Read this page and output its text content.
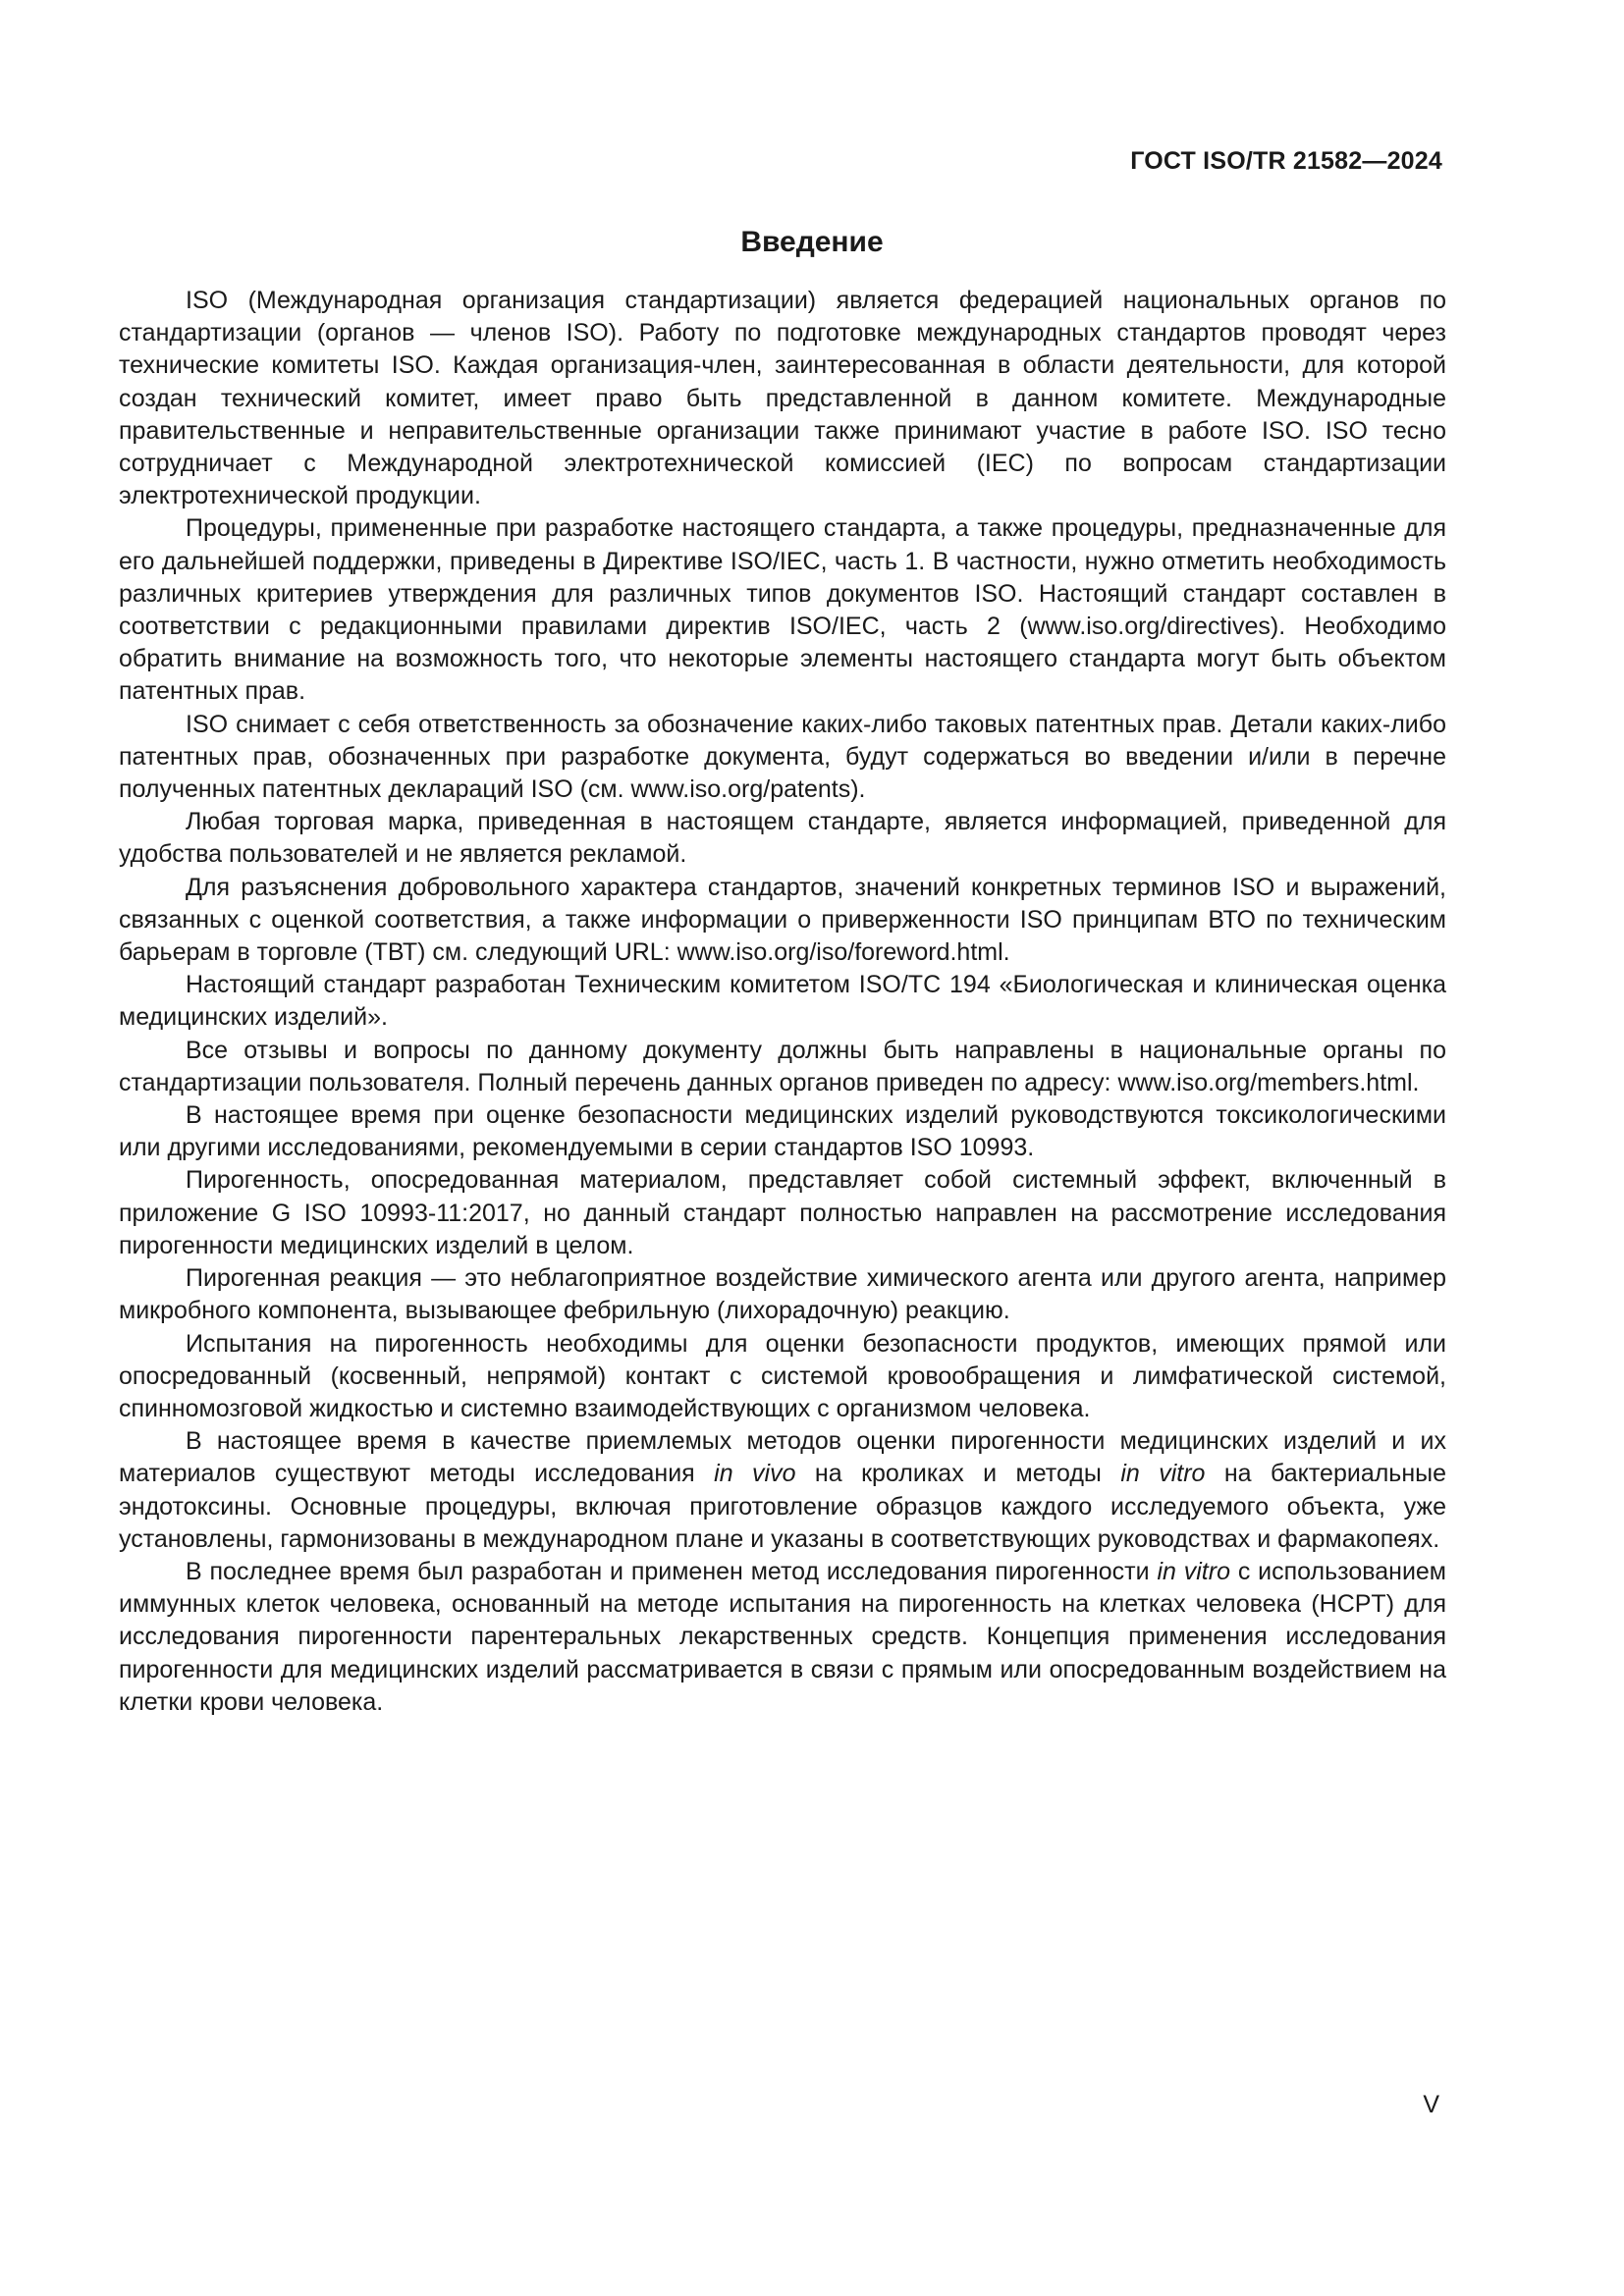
ГОСТ ISO/TR 21582—2024
Введение

ISO (Международная организация стандартизации) является федерацией национальных органов по стандартизации (органов — членов ISO). Работу по подготовке международных стандартов проводят через технические комитеты ISO. Каждая организация-член, заинтересованная в области деятельности, для которой создан технический комитет, имеет право быть представленной в данном комитете. Международные правительственные и неправительственные организации также принимают участие в работе ISO. ISO тесно сотрудничает с Международной электротехнической комиссией (IEC) по вопросам стандартизации электротехнической продукции.

Процедуры, примененные при разработке настоящего стандарта, а также процедуры, предназначенные для его дальнейшей поддержки, приведены в Директиве ISO/IEC, часть 1. В частности, нужно отметить необходимость различных критериев утверждения для различных типов документов ISO. Настоящий стандарт составлен в соответствии с редакционными правилами директив ISO/IEC, часть 2 (www.iso.org/directives). Необходимо обратить внимание на возможность того, что некоторые элементы настоящего стандарта могут быть объектом патентных прав.

ISO снимает с себя ответственность за обозначение каких-либо таковых патентных прав. Детали каких-либо патентных прав, обозначенных при разработке документа, будут содержаться во введении и/или в перечне полученных патентных деклараций ISO (см. www.iso.org/patents).

Любая торговая марка, приведенная в настоящем стандарте, является информацией, приведенной для удобства пользователей и не является рекламой.

Для разъяснения добровольного характера стандартов, значений конкретных терминов ISO и выражений, связанных с оценкой соответствия, а также информации о приверженности ISO принципам ВТО по техническим барьерам в торговле (ТВТ) см. следующий URL: www.iso.org/iso/foreword.html.

Настоящий стандарт разработан Техническим комитетом ISO/TC 194 «Биологическая и клиническая оценка медицинских изделий».

Все отзывы и вопросы по данному документу должны быть направлены в национальные органы по стандартизации пользователя. Полный перечень данных органов приведен по адресу: www.iso.org/members.html.

В настоящее время при оценке безопасности медицинских изделий руководствуются токсикологическими или другими исследованиями, рекомендуемыми в серии стандартов ISO 10993.

Пирогенность, опосредованная материалом, представляет собой системный эффект, включенный в приложение G ISO 10993-11:2017, но данный стандарт полностью направлен на рассмотрение исследования пирогенности медицинских изделий в целом.

Пирогенная реакция — это неблагоприятное воздействие химического агента или другого агента, например микробного компонента, вызывающее фебрильную (лихорадочную) реакцию.

Испытания на пирогенность необходимы для оценки безопасности продуктов, имеющих прямой или опосредованный (косвенный, непрямой) контакт с системой кровообращения и лимфатической системой, спинномозговой жидкостью и системно взаимодействующих с организмом человека.

В настоящее время в качестве приемлемых методов оценки пирогенности медицинских изделий и их материалов существуют методы исследования in vivo на кроликах и методы in vitro на бактериальные эндотоксины. Основные процедуры, включая приготовление образцов каждого исследуемого объекта, уже установлены, гармонизованы в международном плане и указаны в соответствующих руководствах и фармакопеях.

В последнее время был разработан и применен метод исследования пирогенности in vitro с использованием иммунных клеток человека, основанный на методе испытания на пирогенность на клетках человека (HCPT) для исследования пирогенности парентеральных лекарственных средств. Концепция применения исследования пирогенности для медицинских изделий рассматривается в связи с прямым или опосредованным воздействием на клетки крови человека.

V
